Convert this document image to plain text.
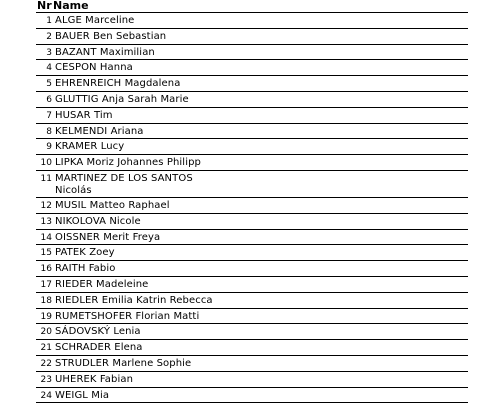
Nr Name
1 ALGE Marceline
2 BAUER Ben Sebastian
3 BAZANT Maximilian
4 CESPON Hanna
5 EHRENREICH Magdalena
6 GLUTTIG Anja Sarah Marie
7 HUSAR Tim
8 KELMENDI Ariana
9 KRAMER Lucy
10 LIPKA Moriz Johannes Philipp
11 MARTINEZ DE LOS SANTOS Nicolás
12 MUSIL Matteo Raphael
13 NIKOLOVA Nicole
14 OISSNER Merit Freya
15 PATEK Zoey
16 RAITH Fabio
17 RIEDER Madeleine
18 RIEDLER Emilia Katrin Rebecca
19 RUMETSHOFER Florian Matti
20 SÁDOVSKÝ Lenia
21 SCHRADER Elena
22 STRUDLER Marlene Sophie
23 UHEREK Fabian
24 WEIGL Mia
